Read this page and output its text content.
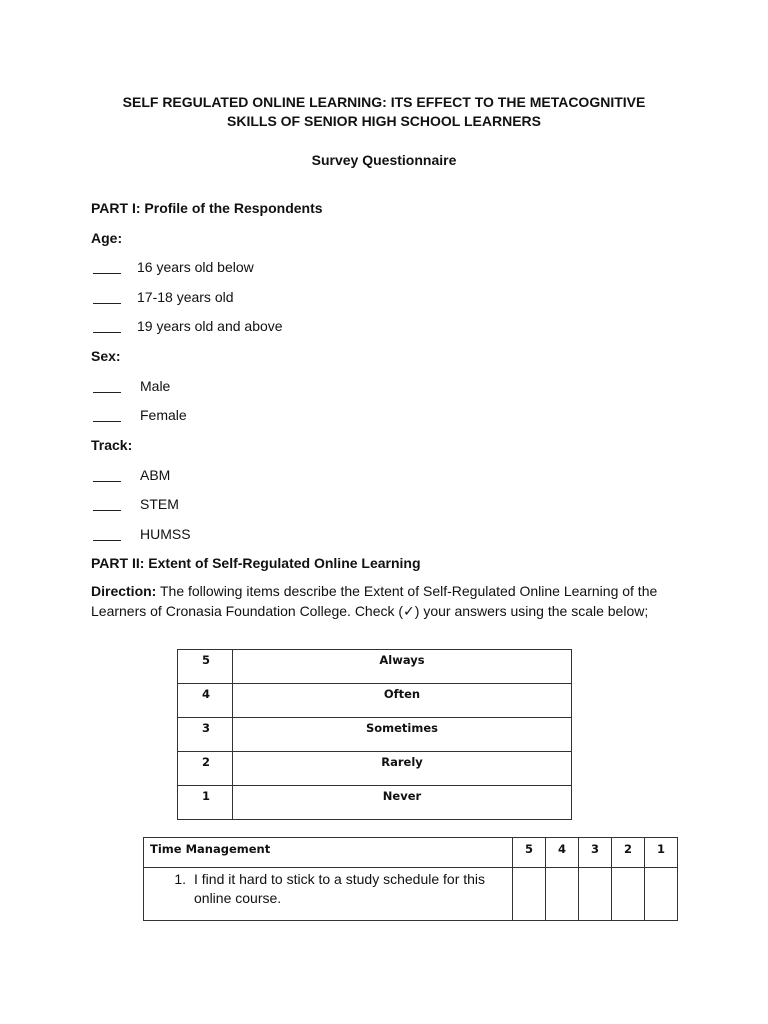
SELF REGULATED ONLINE LEARNING: ITS EFFECT TO THE METACOGNITIVE
SKILLS OF SENIOR HIGH SCHOOL LEARNERS
Survey Questionnaire
PART I: Profile of the Respondents
Age:
16 years old below
17-18 years old
19 years old and above
Sex:
Male
Female
Track:
ABM
STEM
HUMSS
PART II: Extent of Self-Regulated Online Learning
Direction: The following items describe the Extent of Self-Regulated Online Learning of the Learners of Cronasia Foundation College. Check (✓) your answers using the scale below;
5	Always
4	Often
3	Sometimes
2	Rarely
1	Never
Time Management	5	4	3	2	1

1. I find it hard to stick to a study schedule for this online course.					
